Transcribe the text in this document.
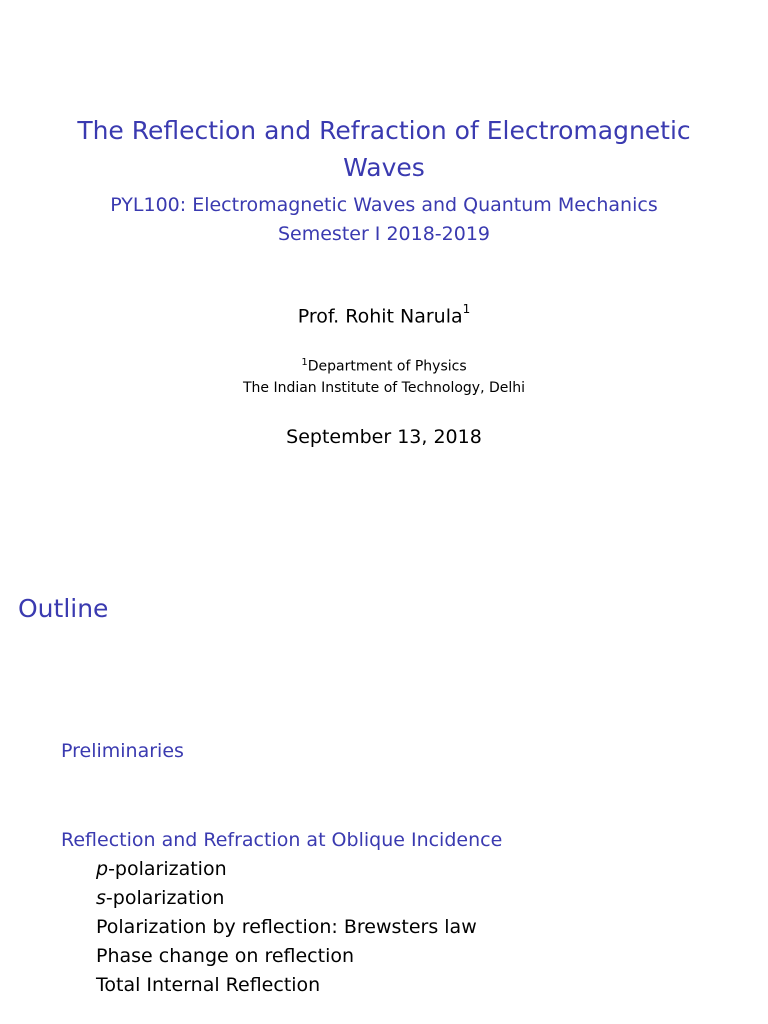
The Reflection and Refraction of Electromagnetic Waves
PYL100: Electromagnetic Waves and Quantum Mechanics
Semester I 2018-2019
Prof. Rohit Narula$^1$
$^1$Department of Physics
The Indian Institute of Technology, Delhi
September 13, 2018
Outline
Preliminaries
Reflection and Refraction at Oblique Incidence
p-polarization
s-polarization
Polarization by reflection: Brewsters law
Phase change on reflection
Total Internal Reflection
